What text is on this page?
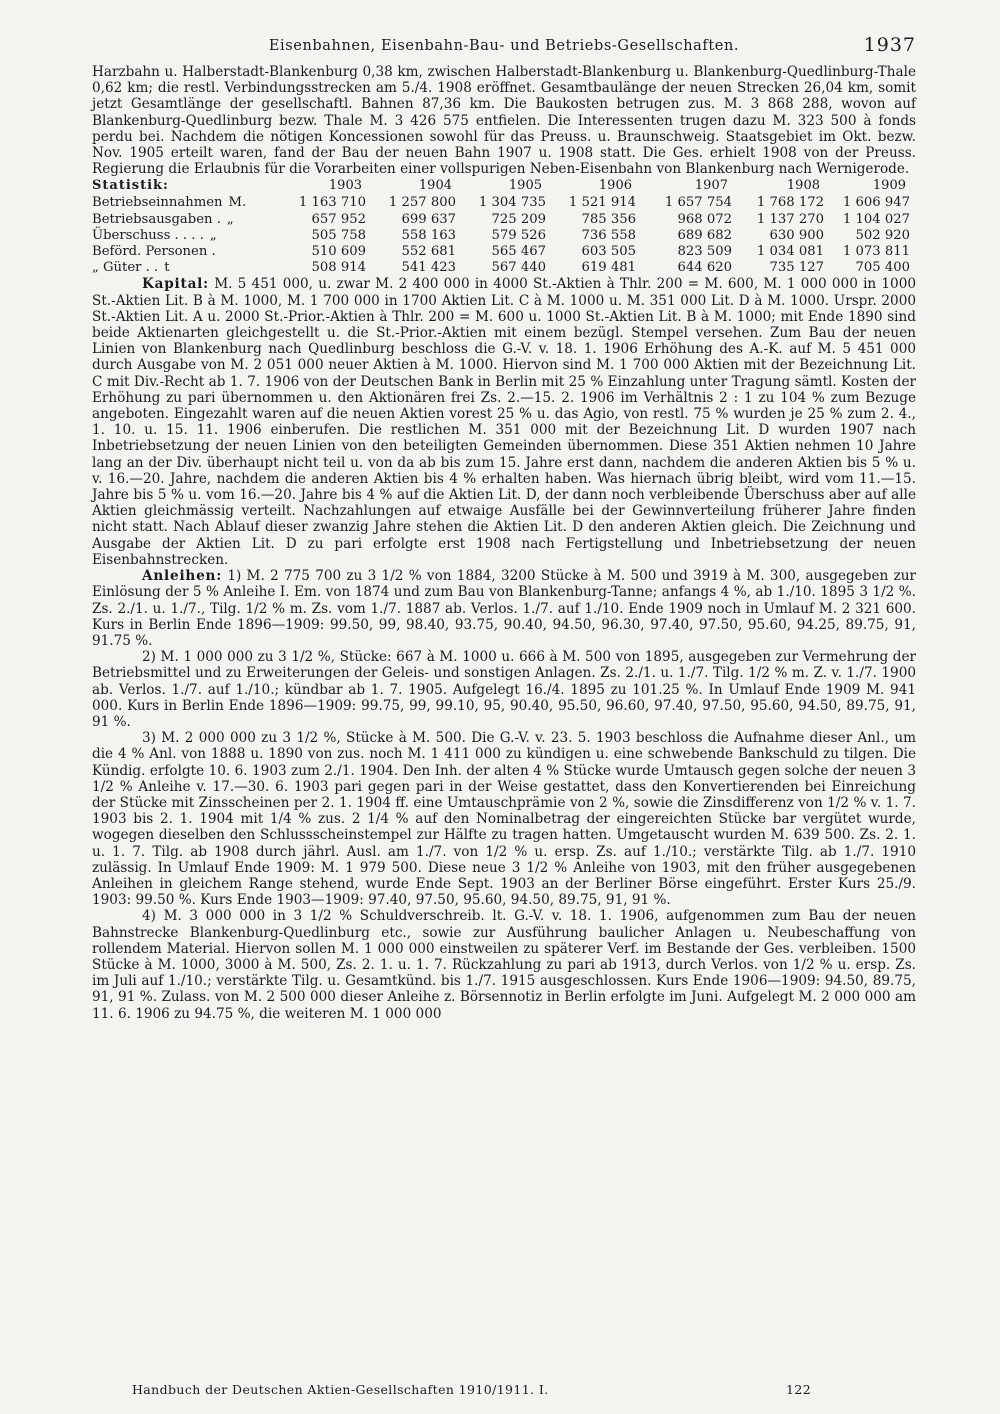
Eisenbahnen, Eisenbahn-Bau- und Betriebs-Gesellschaften.	1937

Harzbahn u. Halberstadt-Blankenburg 0,38 km, zwischen Halberstadt-Blankenburg u. Blankenburg-Quedlinburg-Thale 0,62 km; die restl. Verbindungsstrecken am 5./4. 1908 eröffnet. Gesamtbaulänge der neuen Strecken 26,04 km, somit jetzt Gesamtlänge der gesellschaftl. Bahnen 87,36 km. Die Baukosten betrugen zus. M. 3 868 288, wovon auf Blankenburg-Quedlinburg bezw. Thale M. 3 426 575 entfielen. Die Interessenten trugen dazu M. 323 500 à fonds perdu bei. Nachdem die nötigen Koncessionen sowohl für das Preuss. u. Braunschweig. Staatsgebiet im Okt. bezw. Nov. 1905 erteilt waren, fand der Bau der neuen Bahn 1907 u. 1908 statt. Die Ges. erhielt 1908 von der Preuss. Regierung die Erlaubnis für die Vorarbeiten einer vollspurigen Neben-Eisenbahn von Blankenburg nach Wernigerode.

Statistik:	1903	1904	1905	1906	1907	1908	1909
Betriebseinnahmen M.	1 163 710	1 257 800	1 304 735	1 521 914	1 657 754	1 768 172	1 606 947
Betriebsausgaben . „	657 952	699 637	725 209	785 356	968 072	1 137 270	1 104 027
Überschuss . . . . „	505 758	558 163	579 526	736 558	689 682	630 900	502 920
Beförd. Personen .	510 609	552 681	565 467	603 505	823 509	1 034 081	1 073 811
„ Güter . . t	508 914	541 423	567 440	619 481	644 620	735 127	705 400

Kapital: M. 5 451 000, u. zwar M. 2 400 000 in 4000 St.-Aktien à Thlr. 200 = M. 600, M. 1 000 000 in 1000 St.-Aktien Lit. B à M. 1000, M. 1 700 000 in 1700 Aktien Lit. C à M. 1000 u. M. 351 000 Lit. D à M. 1000. Urspr. 2000 St.-Aktien Lit. A u. 2000 St.-Prior.-Aktien à Thlr. 200 = M. 600 u. 1000 St.-Aktien Lit. B à M. 1000; mit Ende 1890 sind beide Aktienarten gleichgestellt u. die St.-Prior.-Aktien mit einem bezügl. Stempel versehen. Zum Bau der neuen Linien von Blankenburg nach Quedlinburg beschloss die G.-V. v. 18. 1. 1906 Erhöhung des A.-K. auf M. 5 451 000 durch Ausgabe von M. 2 051 000 neuer Aktien à M. 1000. Hiervon sind M. 1 700 000 Aktien mit der Bezeichnung Lit. C mit Div.-Recht ab 1. 7. 1906 von der Deutschen Bank in Berlin mit 25 % Einzahlung unter Tragung sämtl. Kosten der Erhöhung zu pari übernommen u. den Aktionären frei Zs. 2.—15. 2. 1906 im Verhältnis 2 : 1 zu 104 % zum Bezuge angeboten. Eingezahlt waren auf die neuen Aktien vorest 25 % u. das Agio, von restl. 75 % wurden je 25 % zum 2. 4., 1. 10. u. 15. 11. 1906 einberufen. Die restlichen M. 351 000 mit der Bezeichnung Lit. D wurden 1907 nach Inbetriebsetzung der neuen Linien von den beteiligten Gemeinden übernommen. Diese 351 Aktien nehmen 10 Jahre lang an der Div. überhaupt nicht teil u. von da ab bis zum 15. Jahre erst dann, nachdem die anderen Aktien bis 5 % u. v. 16.—20. Jahre, nachdem die anderen Aktien bis 4 % erhalten haben. Was hiernach übrig bleibt, wird vom 11.—15. Jahre bis 5 % u. vom 16.—20. Jahre bis 4 % auf die Aktien Lit. D, der dann noch verbleibende Überschuss aber auf alle Aktien gleichmässig verteilt. Nachzahlungen auf etwaige Ausfälle bei der Gewinnverteilung früherer Jahre finden nicht statt. Nach Ablauf dieser zwanzig Jahre stehen die Aktien Lit. D den anderen Aktien gleich. Die Zeichnung und Ausgabe der Aktien Lit. D zu pari erfolgte erst 1908 nach Fertigstellung und Inbetriebsetzung der neuen Eisenbahnstrecken.

Anleihen: 1) M. 2 775 700 zu 3 1/2 % von 1884, 3200 Stücke à M. 500 und 3919 à M. 300, ausgegeben zur Einlösung der 5 % Anleihe I. Em. von 1874 und zum Bau von Blankenburg-Tanne; anfangs 4 %, ab 1./10. 1895 3 1/2 %. Zs. 2./1. u. 1./7., Tilg. 1/2 % m. Zs. vom 1./7. 1887 ab. Verlos. 1./7. auf 1./10. Ende 1909 noch in Umlauf M. 2 321 600. Kurs in Berlin Ende 1896—1909: 99.50, 99, 98.40, 93.75, 90.40, 94.50, 96.30, 97.40, 97.50, 95.60, 94.25, 89.75, 91, 91.75 %.

2) M. 1 000 000 zu 3 1/2 %, Stücke: 667 à M. 1000 u. 666 à M. 500 von 1895, ausgegeben zur Vermehrung der Betriebsmittel und zu Erweiterungen der Geleis- und sonstigen Anlagen. Zs. 2./1. u. 1./7. Tilg. 1/2 % m. Z. v. 1./7. 1900 ab. Verlos. 1./7. auf 1./10.; kündbar ab 1. 7. 1905. Aufgelegt 16./4. 1895 zu 101.25 %. In Umlauf Ende 1909 M. 941 000. Kurs in Berlin Ende 1896—1909: 99.75, 99, 99.10, 95, 90.40, 95.50, 96.60, 97.40, 97.50, 95.60, 94.50, 89.75, 91, 91 %.

3) M. 2 000 000 zu 3 1/2 %, Stücke à M. 500. Die G.-V. v. 23. 5. 1903 beschloss die Aufnahme dieser Anl., um die 4 % Anl. von 1888 u. 1890 von zus. noch M. 1 411 000 zu kündigen u. eine schwebende Bankschuld zu tilgen. Die Kündig. erfolgte 10. 6. 1903 zum 2./1. 1904. Den Inh. der alten 4 % Stücke wurde Umtausch gegen solche der neuen 3 1/2 % Anleihe v. 17.—30. 6. 1903 pari gegen pari in der Weise gestattet, dass den Konvertierenden bei Einreichung der Stücke mit Zinsscheinen per 2. 1. 1904 ff. eine Umtauschprämie von 2 %, sowie die Zinsdifferenz von 1/2 % v. 1. 7. 1903 bis 2. 1. 1904 mit 1/4 % zus. 2 1/4 % auf den Nominalbetrag der eingereichten Stücke bar vergütet wurde, wogegen dieselben den Schlussscheinstempel zur Hälfte zu tragen hatten. Umgetauscht wurden M. 639 500. Zs. 2. 1. u. 1. 7. Tilg. ab 1908 durch jährl. Ausl. am 1./7. von 1/2 % u. ersp. Zs. auf 1./10.; verstärkte Tilg. ab 1./7. 1910 zulässig. In Umlauf Ende 1909: M. 1 979 500. Diese neue 3 1/2 % Anleihe von 1903, mit den früher ausgegebenen Anleihen in gleichem Range stehend, wurde Ende Sept. 1903 an der Berliner Börse eingeführt. Erster Kurs 25./9. 1903: 99.50 %. Kurs Ende 1903—1909: 97.40, 97.50, 95.60, 94.50, 89.75, 91, 91 %.

4) M. 3 000 000 in 3 1/2 % Schuldverschreib. lt. G.-V. v. 18. 1. 1906, aufgenommen zum Bau der neuen Bahnstrecke Blankenburg-Quedlinburg etc., sowie zur Ausführung baulicher Anlagen u. Neubeschaffung von rollendem Material. Hiervon sollen M. 1 000 000 einstweilen zu späterer Verf. im Bestande der Ges. verbleiben. 1500 Stücke à M. 1000, 3000 à M. 500, Zs. 2. 1. u. 1. 7. Rückzahlung zu pari ab 1913, durch Verlos. von 1/2 % u. ersp. Zs. im Juli auf 1./10.; verstärkte Tilg. u. Gesamtkünd. bis 1./7. 1915 ausgeschlossen. Kurs Ende 1906—1909: 94.50, 89.75, 91, 91 %. Zulass. von M. 2 500 000 dieser Anleihe z. Börsennotiz in Berlin erfolgte im Juni. Aufgelegt M. 2 000 000 am 11. 6. 1906 zu 94.75 %, die weiteren M. 1 000 000

Handbuch der Deutschen Aktien-Gesellschaften 1910/1911. I.	122
